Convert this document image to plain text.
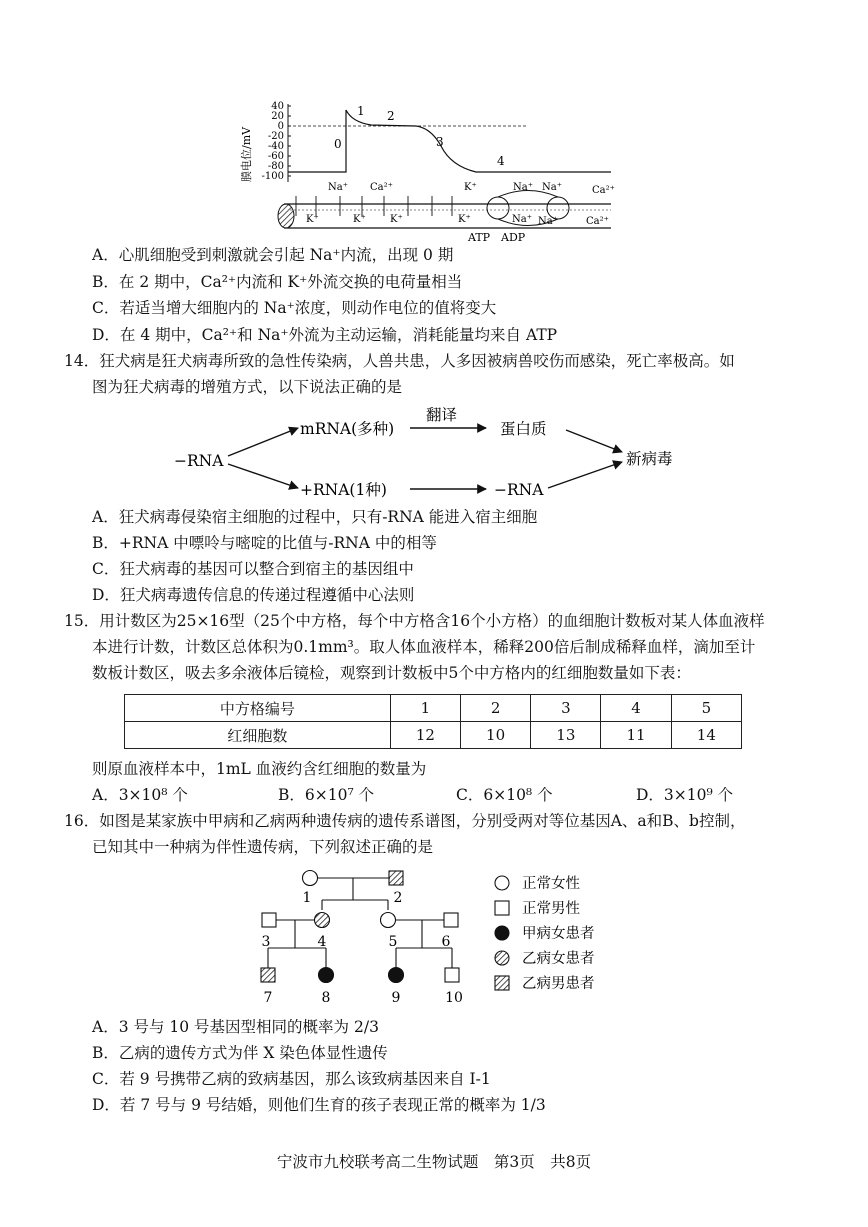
膜电位/mV
40
20
0
-20
-40
-60
-80
-100
0
1 2
3
4
Na⁺ Ca²⁺	K⁺	Na⁺ Na⁺	Ca²⁺
K⁺	K⁺ K⁺	K⁺	Na⁺ Na⁺	Ca²⁺
ATP ADP
A．心肌细胞受到刺激就会引起 Na⁺内流，出现 0 期
B．在 2 期中，Ca²⁺内流和 K⁺外流交换的电荷量相当
C．若适当增大细胞内的 Na⁺浓度，则动作电位的值将变大
D．在 4 期中，Ca²⁺和 Na⁺外流为主动运输，消耗能量均来自 ATP
14．狂犬病是狂犬病毒所致的急性传染病，人兽共患，人多因被病兽咬伤而感染，死亡率极高。如
图为狂犬病毒的增殖方式，以下说法正确的是
−RNA
mRNA(多种)
翻译
蛋白质
+RNA(1种)	−RNA
新病毒
A．狂犬病毒侵染宿主细胞的过程中，只有-RNA 能进入宿主细胞
B．+RNA 中嘌呤与嘧啶的比值与-RNA 中的相等
C．狂犬病毒的基因可以整合到宿主的基因组中
D．狂犬病毒遗传信息的传递过程遵循中心法则
15．用计数区为25×16型（25个中方格，每个中方格含16个小方格）的血细胞计数板对某人体血液样
本进行计数，计数区总体积为0.1mm³。取人体血液样本，稀释200倍后制成稀释血样，滴加至计
数板计数区，吸去多余液体后镜检，观察到计数板中5个中方格内的红细胞数量如下表：
中方格编号	1	2	3	4	5
红细胞数	12	10	13	11	14
则原血液样本中，1mL 血液约含红细胞的数量为
A．3×10⁸ 个	B．6×10⁷ 个	C．6×10⁸ 个	D．3×10⁹ 个
16．如图是某家族中甲病和乙病两种遗传病的遗传系谱图，分别受两对等位基因A、a和B、b控制，
已知其中一种病为伴性遗传病，下列叙述正确的是
1	2
3	4	5	6
7	8	9	10
正常女性
正常男性
甲病女患者
乙病女患者
乙病男患者
A．3 号与 10 号基因型相同的概率为 2/3
B．乙病的遗传方式为伴 X 染色体显性遗传
C．若 9 号携带乙病的致病基因，那么该致病基因来自 I-1
D．若 7 号与 9 号结婚，则他们生育的孩子表现正常的概率为 1/3
宁波市九校联考高二生物试题　第3页　共8页
